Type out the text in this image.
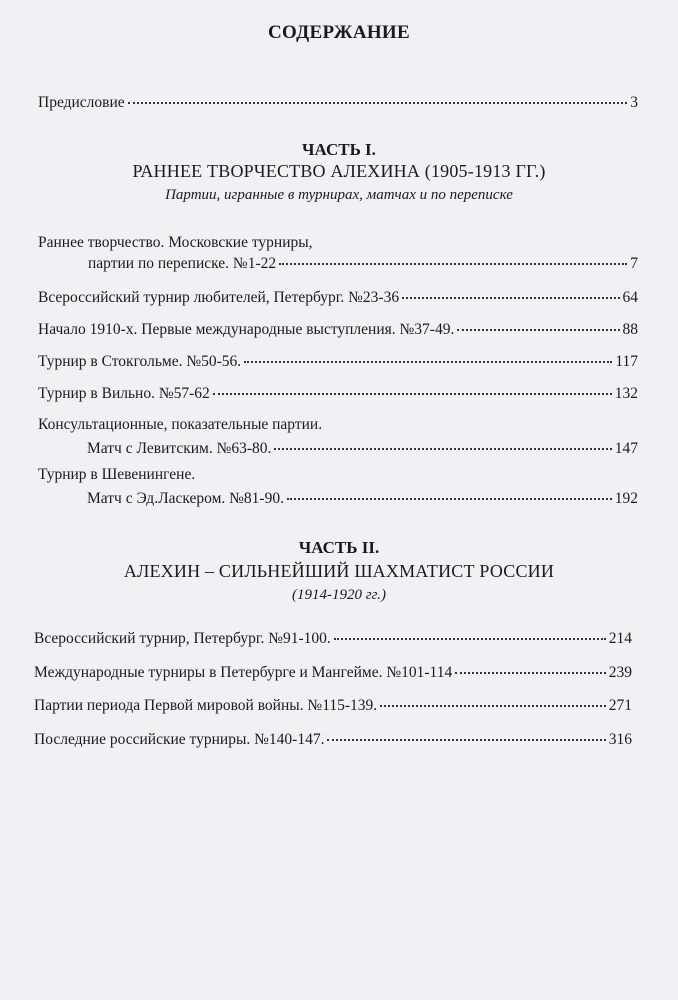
СОДЕРЖАНИЕ
Предисловие	3
ЧАСТЬ I.
РАННЕЕ ТВОРЧЕСТВО АЛЕХИНА (1905-1913 ГГ.)
Партии, игранные в турнирах, матчах и по переписке
Раннее творчество. Московские турниры,
партии по переписке. №1-22	7
Всероссийский турнир любителей, Петербург. №23-36	64
Начало 1910-х. Первые международные выступления. №37-49.	88
Турнир в Стокгольме. №50-56.	117
Турнир в Вильно. №57-62	132
Консультационные, показательные партии.
Матч с Левитским. №63-80.	147
Турнир в Шевенингене.
Матч с Эд.Ласкером. №81-90.	192
ЧАСТЬ II.
АЛЕХИН – СИЛЬНЕЙШИЙ ШАХМАТИСТ РОССИИ
(1914-1920 гг.)
Всероссийский турнир, Петербург. №91-100.	214
Международные турниры в Петербурге и Мангейме. №101-114	239
Партии периода Первой мировой войны. №115-139.	271
Последние российские турниры. №140-147.	316
